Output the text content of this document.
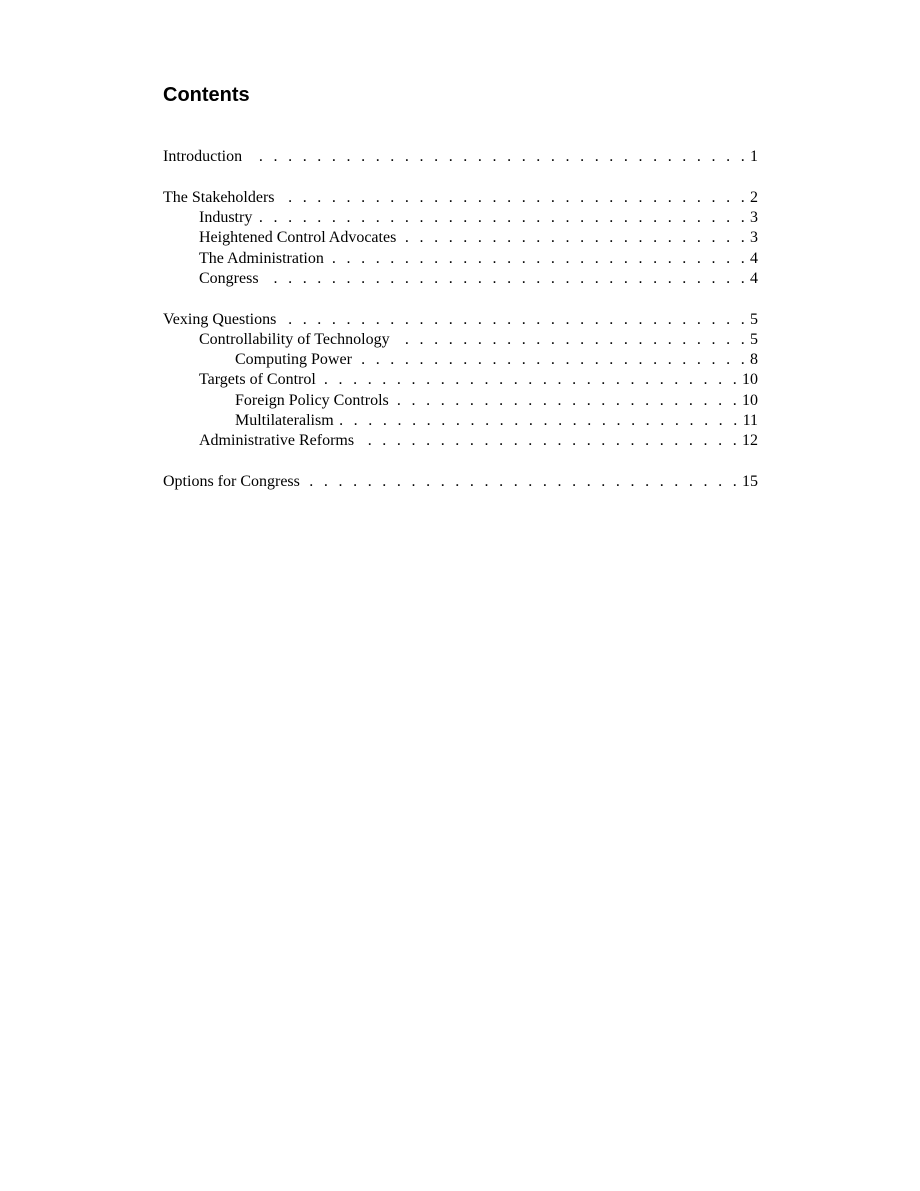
Contents
Introduction . . .	1
The Stakeholders . . .	2
Industry . . .	3
Heightened Control Advocates . . .	3
The Administration . . .	4
Congress . . .	4
Vexing Questions . . .	5
Controllability of Technology . . .	5
Computing Power . . .	8
Targets of Control . . .	10
Foreign Policy Controls . . .	10
Multilateralism . . .	11
Administrative Reforms . . .	12
Options for Congress . . .	15
